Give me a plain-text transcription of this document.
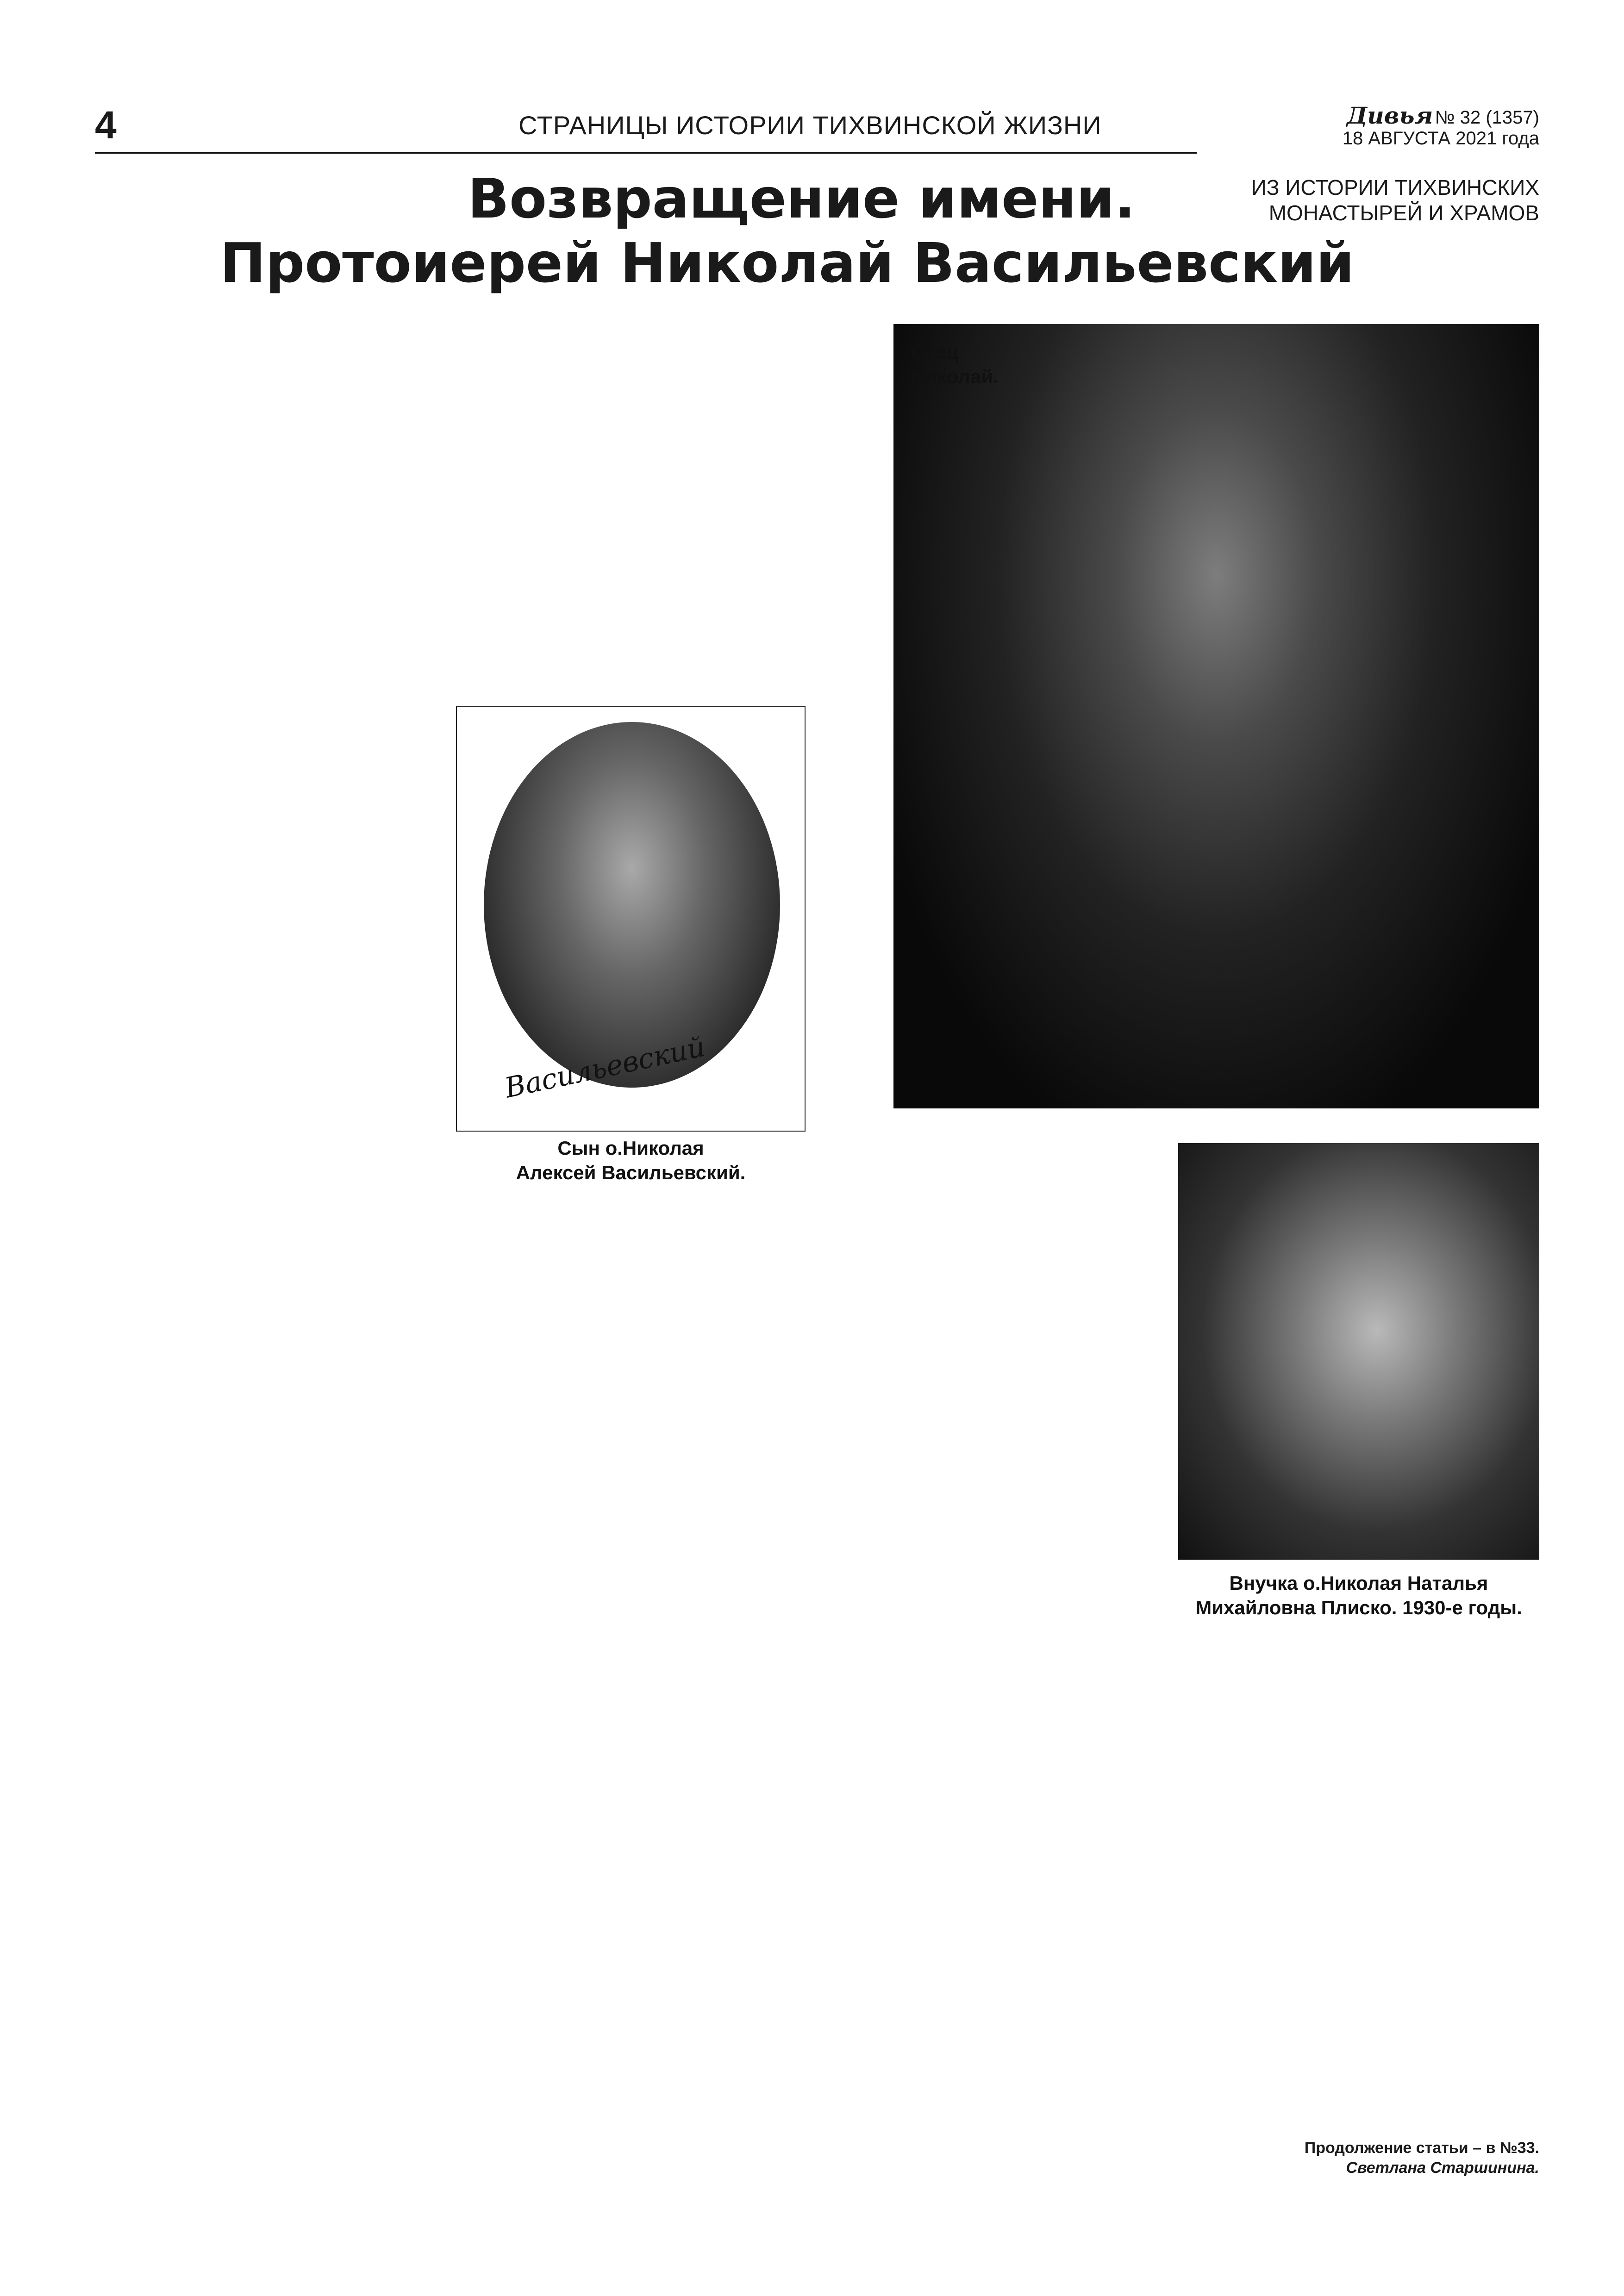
4	СТРАНИЦЫ ИСТОРИИ ТИХВИНСКОЙ ЖИЗНИ	Дивья № 32 (1357)
18 АВГУСТА 2021 года
ИЗ ИСТОРИИ ТИХВИНСКИХ
МОНАСТЫРЕЙ И ХРАМОВ
Возвращение имени.
Протоиерей Николай Васильевский
Отец
Николай.
Васильевский
Сын о.Николая
Алексей Васильевский.
Внучка о.Николая Наталья
Михайловна Плиско. 1930-е годы.
Продолжение статьи – в №33.
Светлана Старшинина.
